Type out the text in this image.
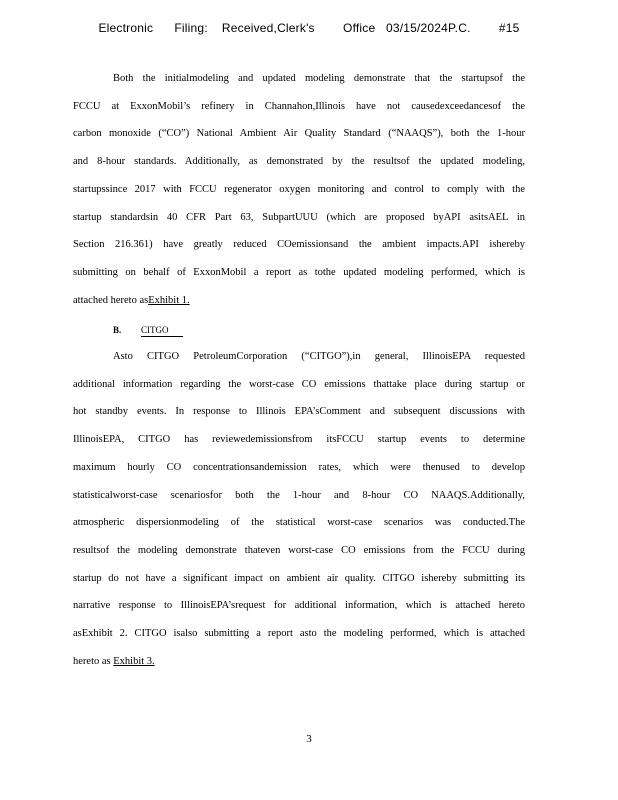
Electronic      Filing:    Received,Clerk's        Office   03/15/2024P.C.        #15
Both the initialmodeling and updated modeling demonstrate that the startupsof the
FCCU at ExxonMobil’s refinery in Channahon,Illinois have not causedexceedancesof the
carbon monoxide (“CO”) National Ambient Air Quality Standard (“NAAQS”), both the 1-hour
and 8-hour standards. Additionally, as demonstrated by the resultsof the updated modeling,
startupssince 2017 with FCCU regenerator oxygen monitoring and control to comply with the
startup standardsin 40 CFR Part 63, SubpartUUU (which are proposed byAPI asitsAEL in
Section 216.361) have greatly reduced COemissionsand the ambient impacts.API ishereby
submitting on behalf of ExxonMobil a report as tothe updated modeling performed, which is
attached hereto asExhibit 1.
B. CITGO
Asto CITGO PetroleumCorporation (“CITGO”),in general, IllinoisEPA requested
additional information regarding the worst-case CO emissions thattake place during startup or
hot standby events. In response to Illinois EPA’sComment and subsequent discussions with
IllinoisEPA, CITGO has reviewedemissionsfrom itsFCCU startup events to determine
maximum hourly CO concentrationsandemission rates, which were thenused to develop
statisticalworst-case scenariosfor both the 1-hour and 8-hour CO NAAQS.Additionally,
atmospheric dispersionmodeling of the statistical worst-case scenarios was conducted.The
resultsof the modeling demonstrate thateven worst-case CO emissions from the FCCU during
startup do not have a significant impact on ambient air quality. CITGO ishereby submitting its
narrative response to IllinoisEPA’srequest for additional information, which is attached hereto
asExhibit 2. CITGO isalso submitting a report asto the modeling performed, which is attached
hereto as Exhibit 3.
3
